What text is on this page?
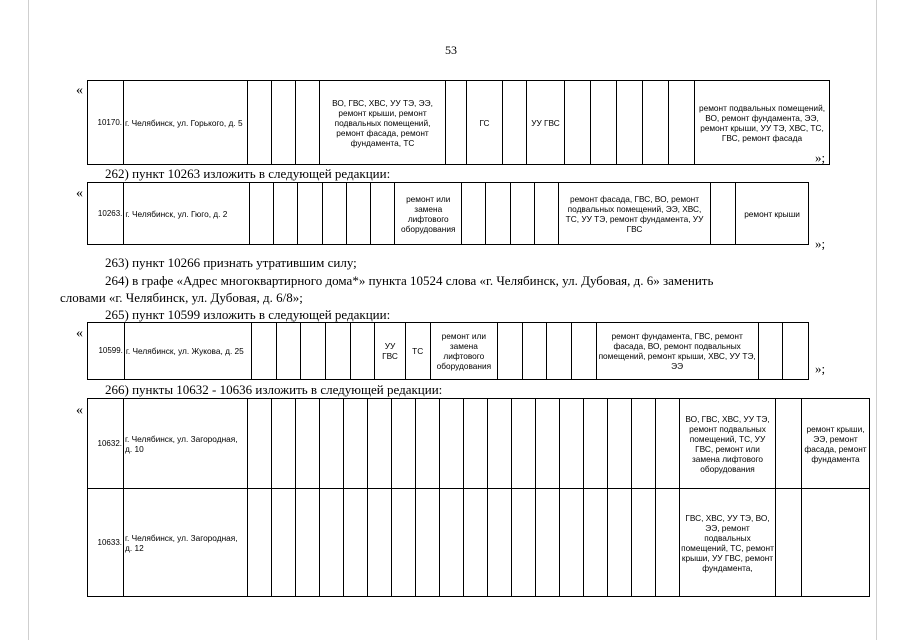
53
«
10170.	г. Челябинск, ул. Горького, д. 5				ВО, ГВС, ХВС, УУ ТЭ, ЭЭ, ремонт крыши, ремонт подвальных помещений, ремонт фасада, ремонт фундамента, ТС		ГС		УУ ГВС						ремонт подвальных помещений, ВО, ремонт фундамента, ЭЭ, ремонт крыши, УУ ТЭ, ХВС, ТС, ГВС, ремонт фасада
»;
262) пункт 10263 изложить в следующей редакции:
«
10263.	г. Челябинск, ул. Гюго, д. 2							ремонт или замена лифтового оборудования					ремонт фасада, ГВС, ВО, ремонт подвальных помещений, ЭЭ, ХВС, ТС, УУ ТЭ, ремонт фундамента, УУ ГВС		ремонт крыши
»;
263) пункт 10266 признать утратившим силу;
264) в графе «Адрес многоквартирного дома*» пункта 10524 слова «г. Челябинск, ул. Дубовая, д. 6» заменить
словами «г. Челябинск, ул. Дубовая, д. 6/8»;
265) пункт 10599 изложить в следующей редакции:
«
10599.	г. Челябинск, ул. Жукова, д. 25						УУ ГВС	ТС	ремонт или замена лифтового оборудования					ремонт фундамента, ГВС, ремонт фасада, ВО, ремонт подвальных помещений, ремонт крыши, ХВС, УУ ТЭ, ЭЭ			»;
266) пункты 10632 - 10636 изложить в следующей редакции:
«
10632.	г. Челябинск, ул. Загородная, д. 10																			ВО, ГВС, ХВС, УУ ТЭ, ремонт подвальных помещений, ТС, УУ ГВС, ремонт или замена лифтового оборудования		ремонт крыши, ЭЭ, ремонт фасада, ремонт фундамента
10633.	г. Челябинск, ул. Загородная, д. 12																			ГВС, ХВС, УУ ТЭ, ВО, ЭЭ, ремонт подвальных помещений, ТС, ремонт крыши, УУ ГВС, ремонт фундамента,		
